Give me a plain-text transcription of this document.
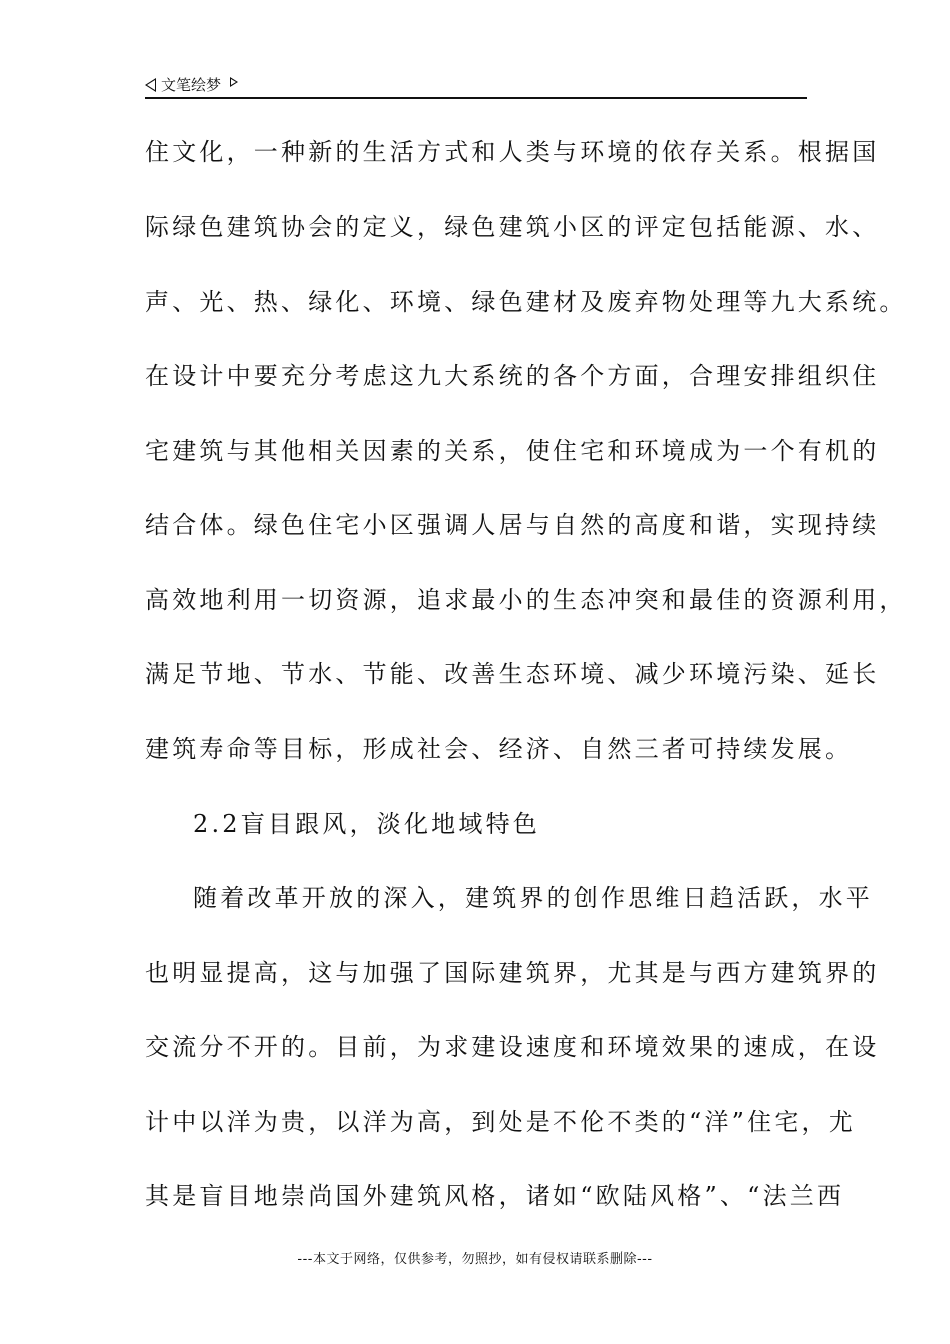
文笔绘梦
住文化，一种新的生活方式和人类与环境的依存关系。根据国
际绿色建筑协会的定义，绿色建筑小区的评定包括能源、水、
声、光、热、绿化、环境、绿色建材及废弃物处理等九大系统。
在设计中要充分考虑这九大系统的各个方面，合理安排组织住
宅建筑与其他相关因素的关系，使住宅和环境成为一个有机的
结合体。绿色住宅小区强调人居与自然的高度和谐，实现持续
高效地利用一切资源，追求最小的生态冲突和最佳的资源利用，
满足节地、节水、节能、改善生态环境、减少环境污染、延长
建筑寿命等目标，形成社会、经济、自然三者可持续发展。
2.2盲目跟风，淡化地域特色
随着改革开放的深入，建筑界的创作思维日趋活跃，水平
也明显提高，这与加强了国际建筑界，尤其是与西方建筑界的
交流分不开的。目前，为求建设速度和环境效果的速成，在设
计中以洋为贵，以洋为高，到处是不伦不类的“洋”住宅，尤
其是盲目地崇尚国外建筑风格，诸如“欧陆风格”、“法兰西
---本文于网络，仅供参考，勿照抄，如有侵权请联系删除---
